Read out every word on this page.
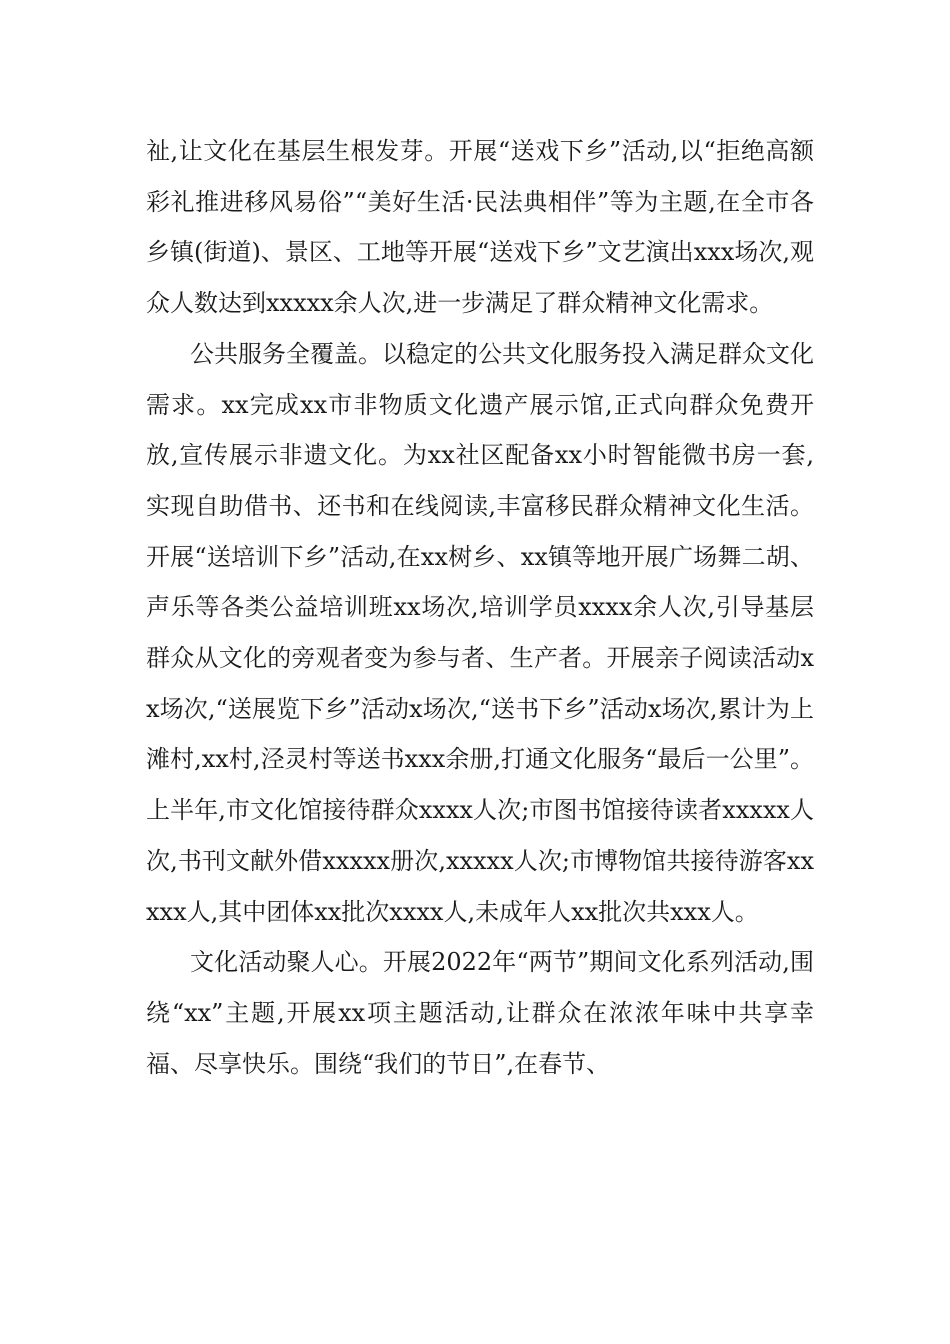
祉,让文化在基层生根发芽。开展“送戏下乡”活动,以“拒绝高额彩礼推进移风易俗”“美好生活·民法典相伴”等为主题,在全市各乡镇(街道)、景区、工地等开展“送戏下乡”文艺演出xxx场次,观众人数达到xxxxx余人次,进一步满足了群众精神文化需求。

公共服务全覆盖。以稳定的公共文化服务投入满足群众文化需求。xx完成xx市非物质文化遗产展示馆,正式向群众免费开放,宣传展示非遗文化。为xx社区配备xx小时智能微书房一套,实现自助借书、还书和在线阅读,丰富移民群众精神文化生活。开展“送培训下乡”活动,在xx树乡、xx镇等地开展广场舞二胡、声乐等各类公益培训班xx场次,培训学员xxxx余人次,引导基层群众从文化的旁观者变为参与者、生产者。开展亲子阅读活动xx场次,“送展览下乡”活动x场次,“送书下乡”活动x场次,累计为上滩村,xx村,泾灵村等送书xxx余册,打通文化服务“最后一公里”。上半年,市文化馆接待群众xxxx人次;市图书馆接待读者xxxxx人次,书刊文献外借xxxxx册次,xxxxx人次;市博物馆共接待游客xxxxx人,其中团体xx批次xxxx人,未成年人xx批次共xxx人。

文化活动聚人心。开展2022年“两节”期间文化系列活动,围绕“xx”主题,开展xx项主题活动,让群众在浓浓年味中共享幸福、尽享快乐。围绕“我们的节日”,在春节、
